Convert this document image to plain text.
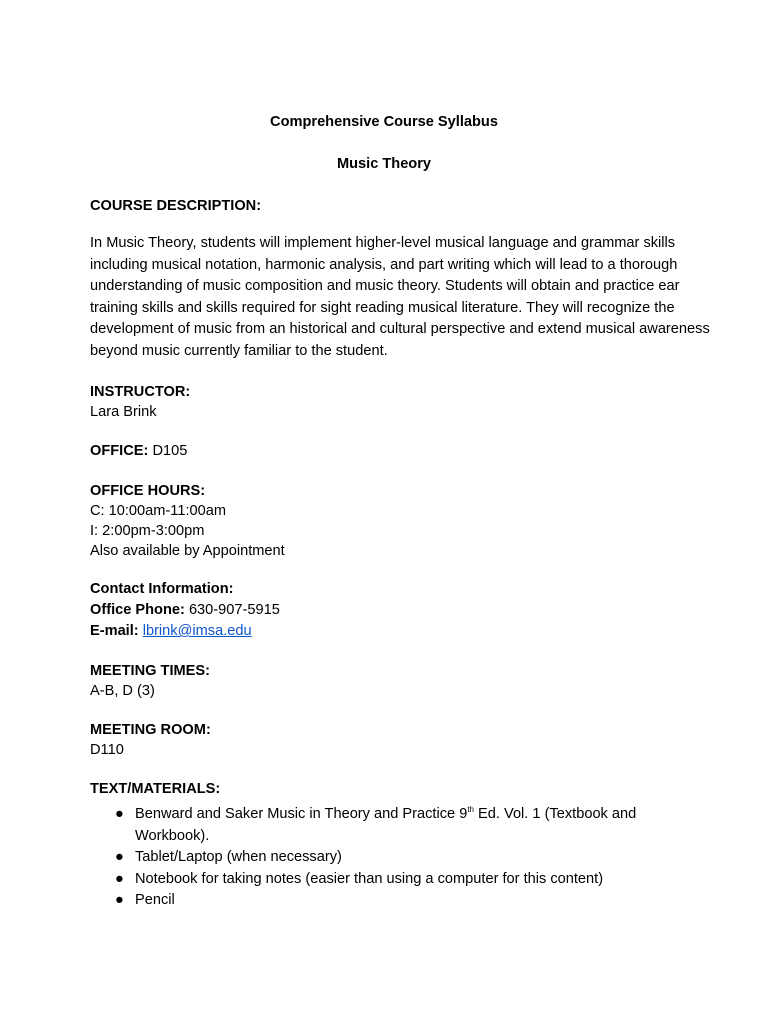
Comprehensive Course Syllabus
Music Theory
COURSE DESCRIPTION:
In Music Theory, students will implement higher-level musical language and grammar skills including musical notation, harmonic analysis, and part writing which will lead to a thorough understanding of music composition and music theory. Students will obtain and practice ear training skills and skills required for sight reading musical literature. They will recognize the development of music from an historical and cultural perspective and extend musical awareness beyond music currently familiar to the student.
INSTRUCTOR:
Lara Brink
OFFICE: D105
OFFICE HOURS:
C: 10:00am-11:00am
I: 2:00pm-3:00pm
Also available by Appointment
Contact Information:
Office Phone: 630-907-5915
E-mail: lbrink@imsa.edu
MEETING TIMES:
A-B, D (3)
MEETING ROOM:
D110
TEXT/MATERIALS:
● Benward and Saker Music in Theory and Practice 9th Ed. Vol. 1 (Textbook and Workbook).
● Tablet/Laptop (when necessary)
● Notebook for taking notes (easier than using a computer for this content)
● Pencil
